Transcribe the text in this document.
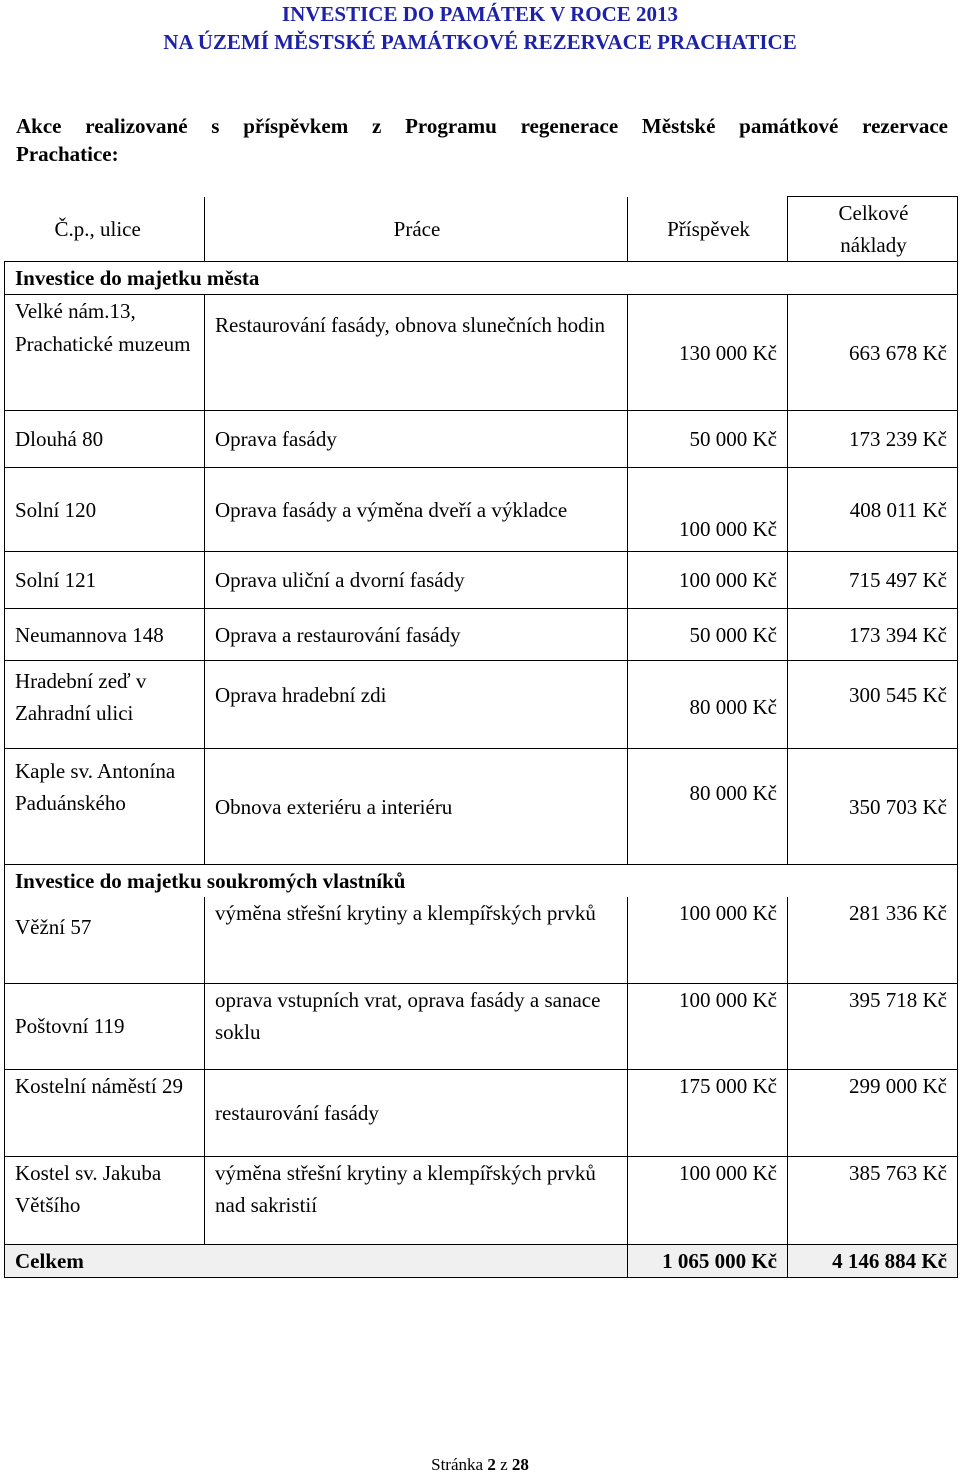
INVESTICE DO PAMÁTEK V ROCE 2013
NA ÚZEMÍ MĚSTSKÉ PAMÁTKOVÉ REZERVACE PRACHATICE
Akce realizované s příspěvkem z Programu regenerace Městské památkové rezervace
Prachatice:
Č.p., ulice	Práce	Příspěvek	Celkové
náklady
Investice do majetku města			
Velké nám.13, Prachatické muzeum	Restaurování fasády, obnova slunečních hodin	130 000 Kč	663 678 Kč
Dlouhá 80	Oprava fasády	50 000 Kč	173 239 Kč
Solní 120	Oprava fasády a výměna dveří a výkladce	100 000 Kč	408 011 Kč
Solní 121	Oprava uliční a dvorní fasády	100 000 Kč	715 497 Kč
Neumannova 148	Oprava a restaurování fasády	50 000 Kč	173 394 Kč
Hradební zeď v Zahradní ulici	Oprava hradební zdi	80 000 Kč	300 545 Kč
Kaple sv. Antonína Paduánského	Obnova exteriéru a interiéru	80 000 Kč	350 703 Kč
Investice do majetku soukromých vlastníků			
Věžní 57	výměna střešní krytiny a klempířských prvků	100 000 Kč	281 336 Kč
Poštovní 119	oprava vstupních vrat, oprava fasády a sanace soklu	100 000 Kč	395 718 Kč
Kostelní náměstí 29	restaurování fasády	175 000 Kč	299 000 Kč
Kostel sv. Jakuba Většího	výměna střešní krytiny a klempířských prvků nad sakristií	100 000 Kč	385 763 Kč
Celkem		1 065 000 Kč	4 146 884 Kč
Stránka 2 z 28
